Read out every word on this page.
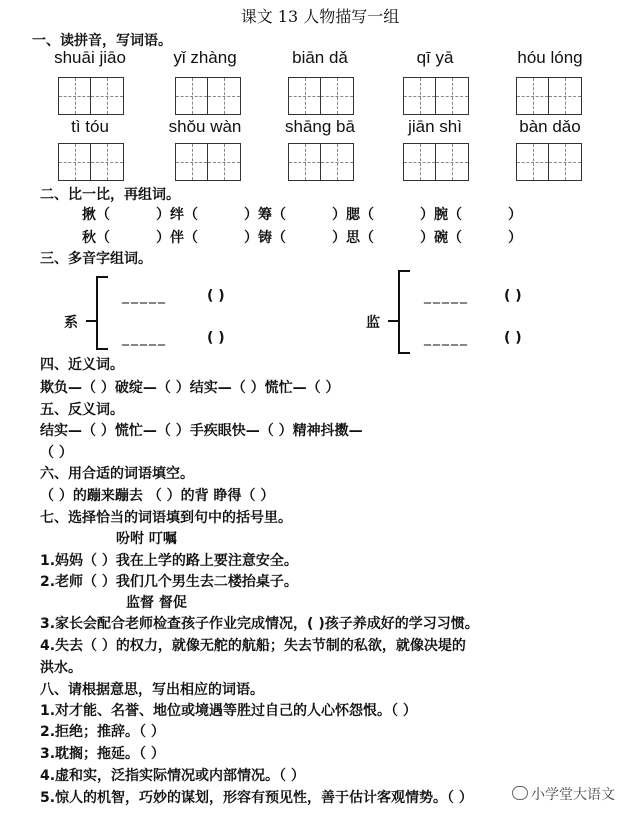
课文 13 人物描写一组
一、读拼音，写词语。
shuāi jiāo	yǐ zhàng	biān dǎ	qī yā	hóu lóng
tì tóu	shǒu wàn	shāng bā	jiān shì	bàn dǎo
二、比一比，再组词。
揪（	）绊（	）筹（	）腮（	）腕（	）
秋（	）伴（	）铸（	）思（	）碗（	）
三、多音字组词。
系
_____	( )
_____	( )
监
_____	( )
_____	( )
四、近义词。
欺负—（ ）破绽—（ ）结实—（ ）慌忙—（ ）
五、反义词。
结实—（ ）慌忙—（ ）手疾眼快—（ ）精神抖擞—
（ ）
六、用合适的词语填空。
（ ）的蹦来蹦去 （ ）的背 睁得（ ）
七、选择恰当的词语填到句中的括号里。
吩咐 叮嘱
1.妈妈（ ）我在上学的路上要注意安全。
2.老师（ ）我们几个男生去二楼抬桌子。
监督 督促
3.家长会配合老师检查孩子作业完成情况，( )孩子养成好的学习习惯。
4.失去（ ）的权力，就像无舵的航船；失去节制的私欲，就像决堤的
洪水。
八、请根据意思，写出相应的词语。
1.对才能、名誉、地位或境遇等胜过自己的人心怀怨恨。（ ）
2.拒绝；推辞。（ ）
3.耽搁；拖延。（ ）
4.虚和实，泛指实际情况或内部情况。（ ）
5.惊人的机智，巧妙的谋划，形容有预见性，善于估计客观情势。（ ）	小学堂大语文
